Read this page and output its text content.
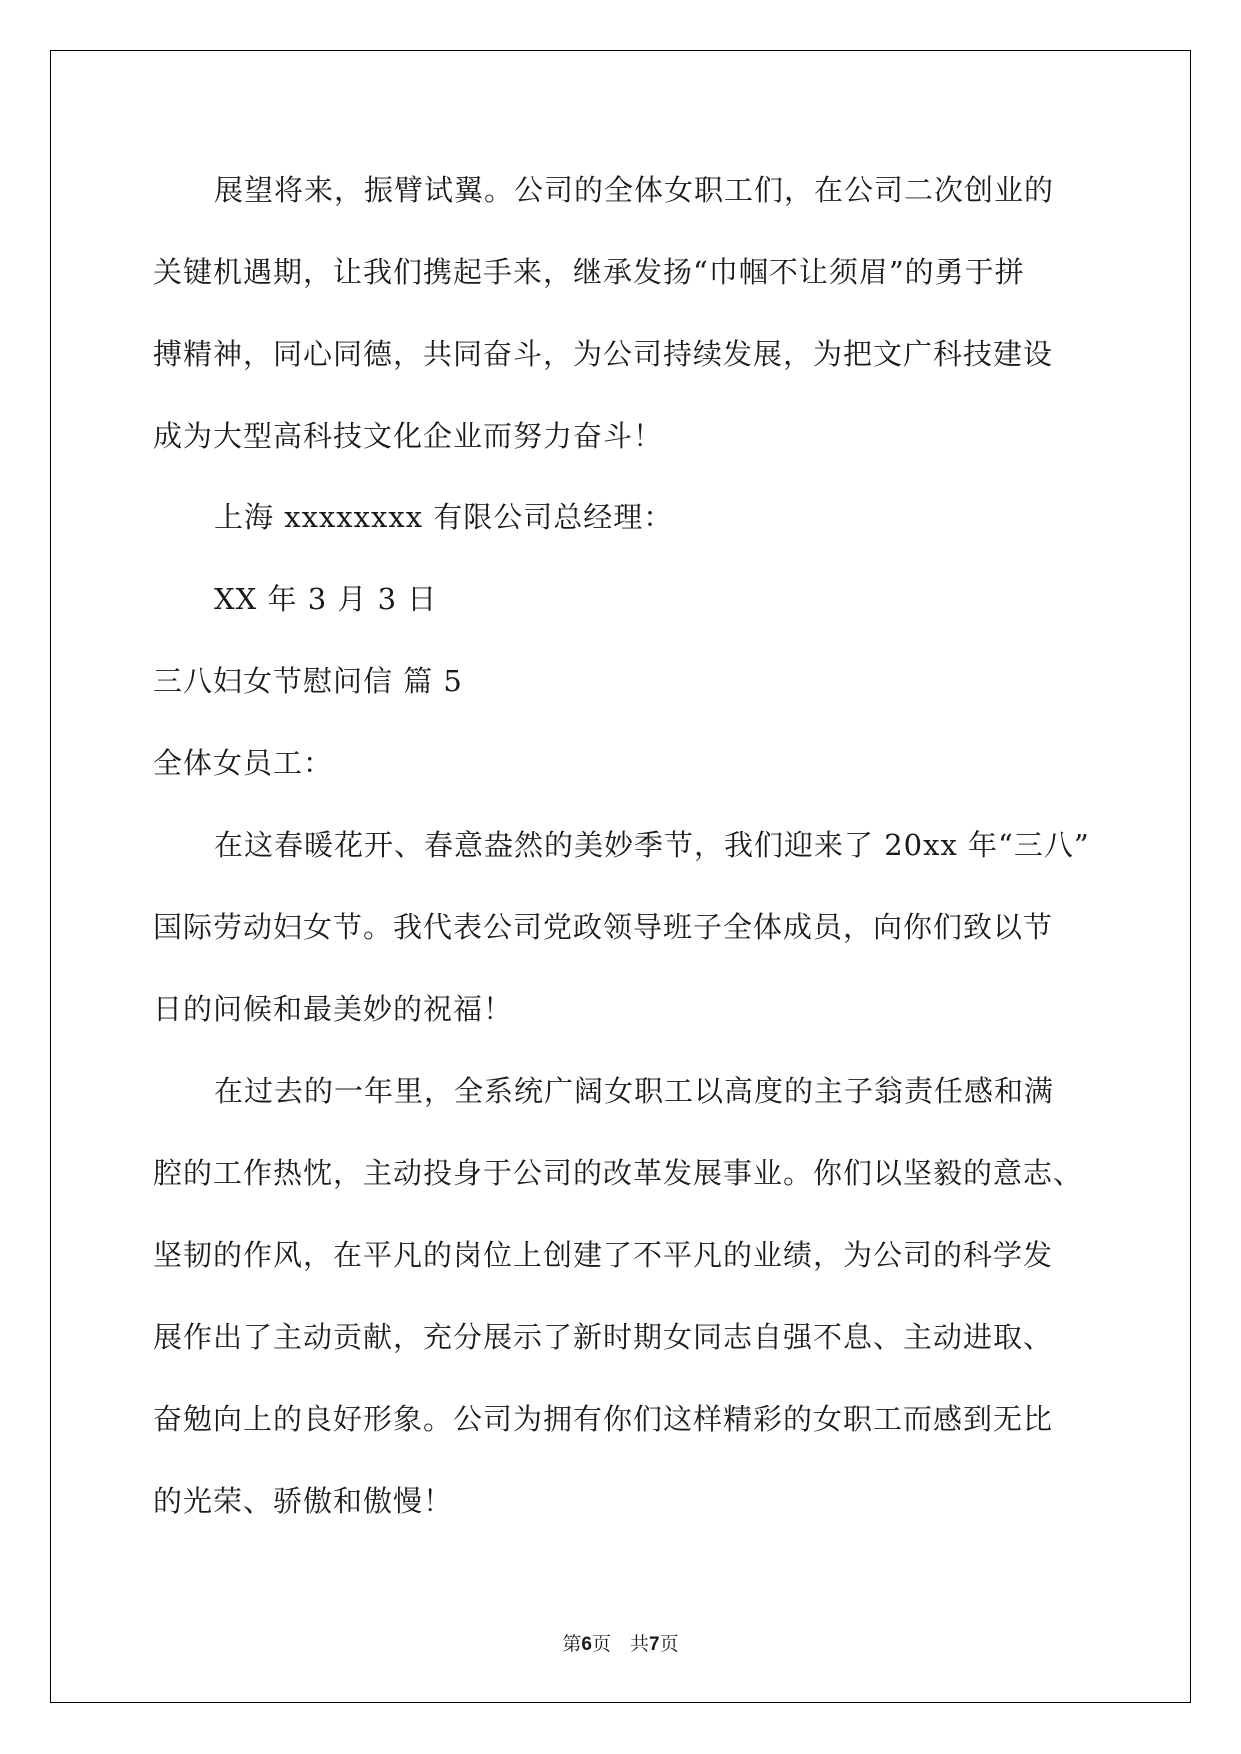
展望将来，振臂试翼。公司的全体女职工们，在公司二次创业的
关键机遇期，让我们携起手来，继承发扬“巾帼不让须眉”的勇于拼
搏精神，同心同德，共同奋斗，为公司持续发展，为把文广科技建设
成为大型高科技文化企业而努力奋斗！
上海 xxxxxxxx 有限公司总经理：
XX 年 3 月 3 日
三八妇女节慰问信 篇 5
全体女员工：
在这春暖花开、春意盎然的美妙季节，我们迎来了 20xx 年“三八”
国际劳动妇女节。我代表公司党政领导班子全体成员，向你们致以节
日的问候和最美妙的祝福！
在过去的一年里，全系统广阔女职工以高度的主子翁责任感和满
腔的工作热忱，主动投身于公司的改革发展事业。你们以坚毅的意志、
坚韧的作风，在平凡的岗位上创建了不平凡的业绩，为公司的科学发
展作出了主动贡献，充分展示了新时期女同志自强不息、主动进取、
奋勉向上的良好形象。公司为拥有你们这样精彩的女职工而感到无比
的光荣、骄傲和傲慢！
第6页　共7页
